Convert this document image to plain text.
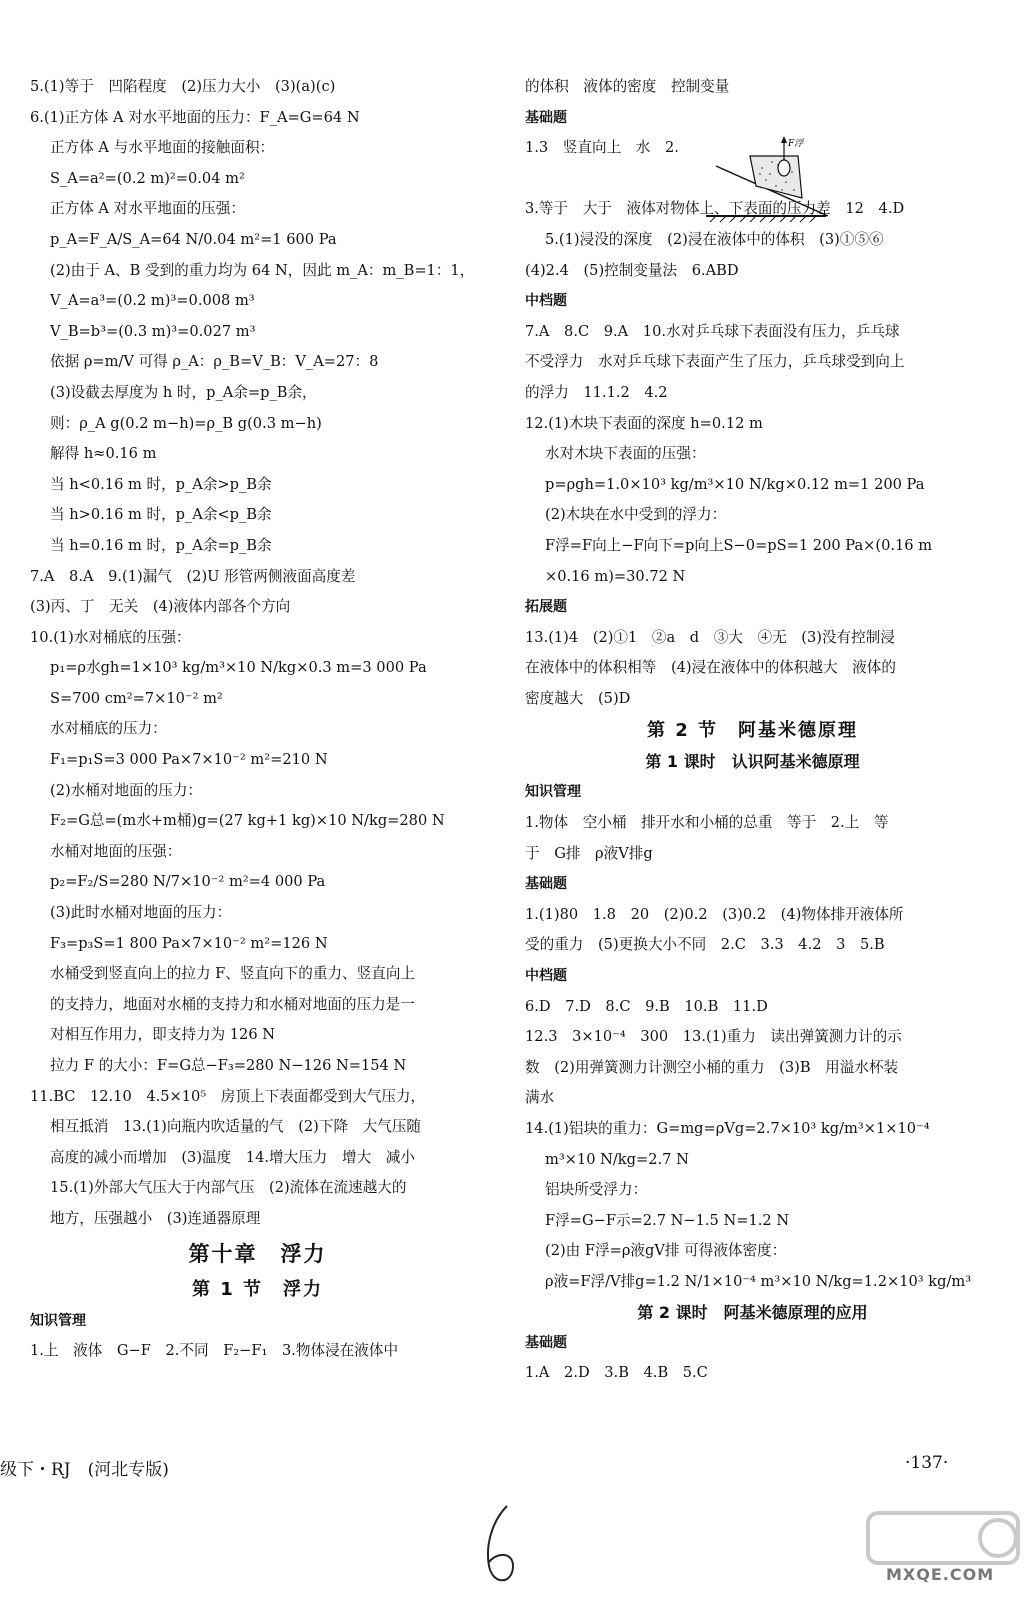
5.(1)等于　凹陷程度　(2)压力大小　(3)(a)(c)
6.(1)正方体 A 对水平地面的压力：F_A=G=64 N
正方体 A 与水平地面的接触面积：
S_A=a²=(0.2 m)²=0.04 m²
正方体 A 对水平地面的压强：
p_A=F_A/S_A=64 N/0.04 m²=1 600 Pa
(2)由于 A、B 受到的重力均为 64 N，因此 m_A：m_B=1：1，
V_A=a³=(0.2 m)³=0.008 m³
V_B=b³=(0.3 m)³=0.027 m³
依据 ρ=m/V 可得 ρ_A：ρ_B=V_B：V_A=27：8
(3)设截去厚度为 h 时，p_A余=p_B余，
则：ρ_A g(0.2 m−h)=ρ_B g(0.3 m−h)
解得 h≈0.16 m
当 h<0.16 m 时，p_A余>p_B余
当 h>0.16 m 时，p_A余<p_B余
当 h=0.16 m 时，p_A余=p_B余
7.A　8.A　9.(1)漏气　(2)U 形管两侧液面高度差
(3)丙、丁　无关　(4)液体内部各个方向
10.(1)水对桶底的压强：
p₁=ρ水gh=1×10³ kg/m³×10 N/kg×0.3 m=3 000 Pa
S=700 cm²=7×10⁻² m²
水对桶底的压力：
F₁=p₁S=3 000 Pa×7×10⁻² m²=210 N
(2)水桶对地面的压力：
F₂=G总=(m水+m桶)g=(27 kg+1 kg)×10 N/kg=280 N
水桶对地面的压强：
p₂=F₂/S=280 N/7×10⁻² m²=4 000 Pa
(3)此时水桶对地面的压力：
F₃=p₃S=1 800 Pa×7×10⁻² m²=126 N
水桶受到竖直向上的拉力 F、竖直向下的重力、竖直向上
的支持力，地面对水桶的支持力和水桶对地面的压力是一
对相互作用力，即支持力为 126 N
拉力 F 的大小：F=G总−F₃=280 N−126 N=154 N
11.BC　12.10　4.5×10⁵　房顶上下表面都受到大气压力，
相互抵消　13.(1)向瓶内吹适量的气　(2)下降　大气压随
高度的减小而增加　(3)温度　14.增大压力　增大　减小
15.(1)外部大气压大于内部气压　(2)流体在流速越大的
地方，压强越小　(3)连通器原理
第十章　浮力
第 1 节　浮力
知识管理
1.上　液体　G−F　2.不同　F₂−F₁　3.物体浸在液体中
的体积　液体的密度　控制变量
基础题
1.3　竖直向上　水　2.
3.等于　大于　液体对物体上、下表面的压力差　12　4.D
5.(1)浸没的深度　(2)浸在液体中的体积　(3)①⑤⑥
(4)2.4　(5)控制变量法　6.ABD
中档题
7.A　8.C　9.A　10.水对乒乓球下表面没有压力，乒乓球
不受浮力　水对乒乓球下表面产生了压力，乒乓球受到向上
的浮力　11.1.2　4.2
12.(1)木块下表面的深度 h=0.12 m
水对木块下表面的压强：
p=ρgh=1.0×10³ kg/m³×10 N/kg×0.12 m=1 200 Pa
(2)木块在水中受到的浮力：
F浮=F向上−F向下=p向上S−0=pS=1 200 Pa×(0.16 m
×0.16 m)=30.72 N
拓展题
13.(1)4　(2)①1　②a　d　③大　④无　(3)没有控制浸
在液体中的体积相等　(4)浸在液体中的体积越大　液体的
密度越大　(5)D
第 2 节　阿基米德原理
第 1 课时　认识阿基米德原理
知识管理
1.物体　空小桶　排开水和小桶的总重　等于　2.上　等
于　G排　ρ液V排g
基础题
1.(1)80　1.8　20　(2)0.2　(3)0.2　(4)物体排开液体所
受的重力　(5)更换大小不同　2.C　3.3　4.2　3　5.B
中档题
6.D　7.D　8.C　9.B　10.B　11.D
12.3　3×10⁻⁴　300　13.(1)重力　读出弹簧测力计的示
数　(2)用弹簧测力计测空小桶的重力　(3)B　用溢水杯装
满水
14.(1)铝块的重力：G=mg=ρVg=2.7×10³ kg/m³×1×10⁻⁴
m³×10 N/kg=2.7 N
铝块所受浮力：
F浮=G−F示=2.7 N−1.5 N=1.2 N
(2)由 F浮=ρ液gV排 可得液体密度：
ρ液=F浮/V排g=1.2 N/1×10⁻⁴ m³×10 N/kg=1.2×10³ kg/m³
第 2 课时　阿基米德原理的应用
基础题
1.A　2.D　3.B　4.B　5.C
F浮
级下・RJ　(河北专版)	·137·
MXQE.COM
